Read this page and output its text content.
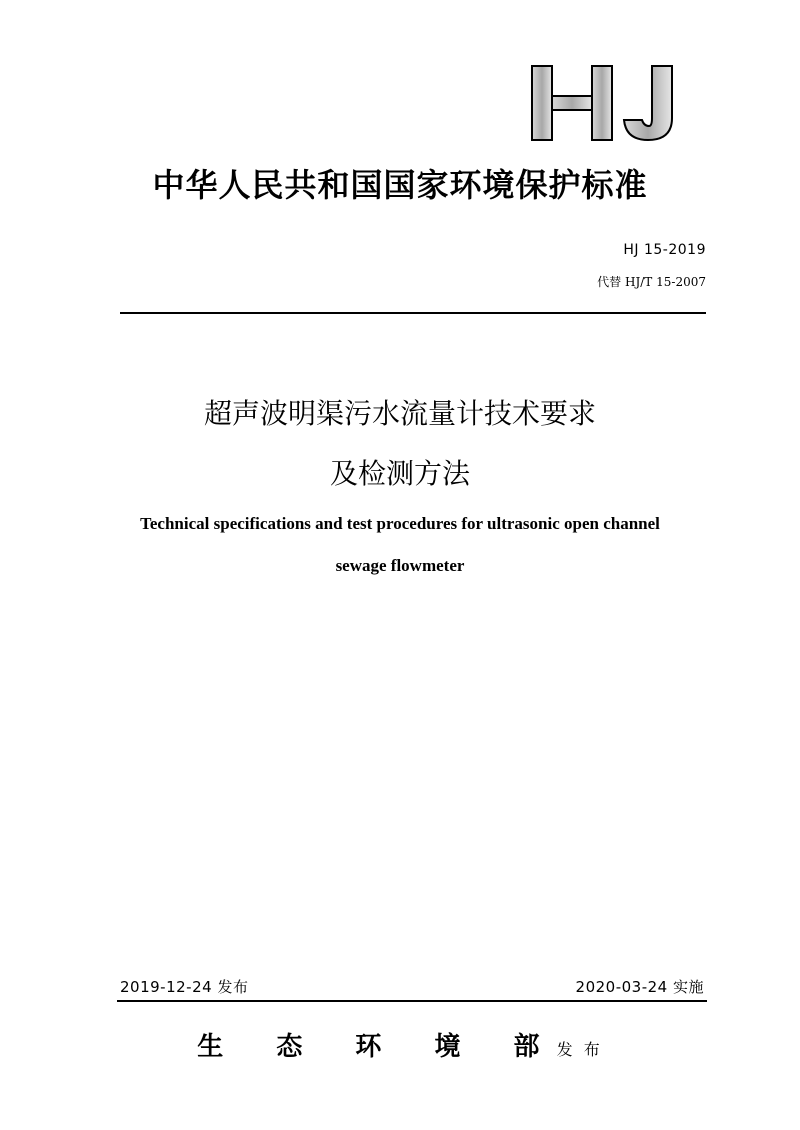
中华人民共和国国家环境保护标准
HJ 15-2019
代替 HJ/T 15-2007
超声波明渠污水流量计技术要求
及检测方法
Technical specifications and test procedures for ultrasonic open channel
sewage flowmeter
2019-12-24 发布	2020-03-24 实施
生 态 环 境 部 发 布
